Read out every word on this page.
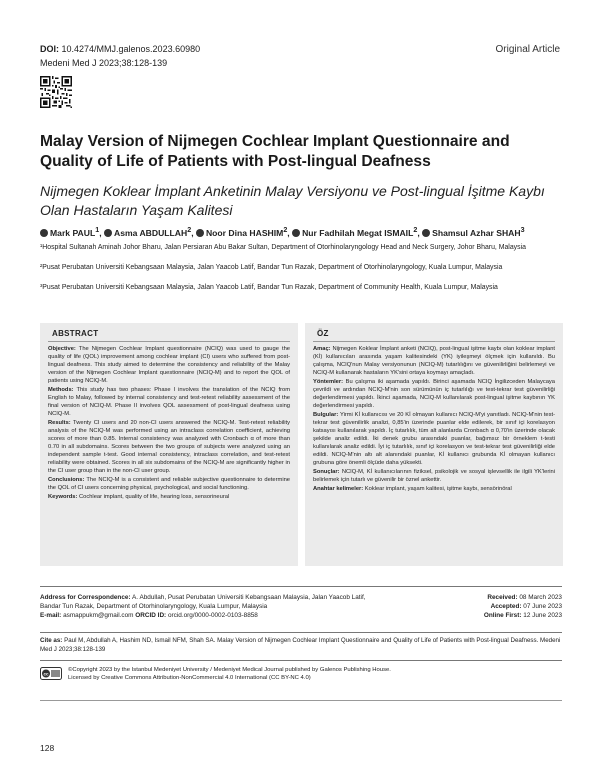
DOI: 10.4274/MMJ.galenos.2023.60980
Medeni Med J 2023;38:128-139
Original Article
Malay Version of Nijmegen Cochlear Implant Questionnaire and Quality of Life of Patients with Post-lingual Deafness
Nijmegen Koklear İmplant Anketinin Malay Versiyonu ve Post-lingual İşitme Kaybı Olan Hastaların Yaşam Kalitesi
Mark PAUL$^1$, Asma ABDULLAH$^2$, Noor Dina HASHIM$^2$, Nur Fadhilah Megat ISMAIL$^2$, Shamsul Azhar SHAH$^3$
¹Hospital Sultanah Aminah Johor Bharu, Jalan Persiaran Abu Bakar Sultan, Department of Otorhinolaryngology Head and Neck Surgery, Johor Bharu, Malaysia
²Pusat Perubatan Universiti Kebangsaan Malaysia, Jalan Yaacob Latif, Bandar Tun Razak, Department of Otorhinolaryngology, Kuala Lumpur, Malaysia
³Pusat Perubatan Universiti Kebangsaan Malaysia, Jalan Yaacob Latif, Bandar Tun Razak, Department of Community Health, Kuala Lumpur, Malaysia
ABSTRACT

Objective: The Nijmegen Cochlear Implant questionnaire (NCIQ) was used to gauge the quality of life (QOL) improvement among cochlear implant (CI) users who suffered from post-lingual deafness. This study aimed to determine the consistency and reliability of the Malay version of the Nijmegen Cochlear Implant questionnaire (NCIQ-M) and to report the QOL of patients using NCIQ-M.

Methods: This study has two phases: Phase I involves the translation of the NCIQ from English to Malay, followed by internal consistency and test-retest reliability assessment of the final version of NCIQ-M. Phase II involves QOL assessment of post-lingual deafness using NCIQ-M.

Results: Twenty CI users and 20 non-CI users answered the NCIQ-M. Test-retest reliability analysis of the NCIQ-M was performed using an intraclass correlation coefficient, achieving scores of more than 0.85. Internal consistency was analyzed with Cronbach α of more than 0.70 in all subdomains. Scores between the two groups of subjects were analyzed using an independent sample t-test. Good internal consistency, intraclass correlation, and test-retest reliability were obtained. Scores in all six subdomains of the NCIQ-M are significantly higher in the CI user group than in the non-CI user group.

Conclusions: The NCIQ-M is a consistent and reliable subjective questionnaire to determine the QOL of CI users concerning physical, psychological, and social functioning.

Keywords: Cochlear implant, quality of life, hearing loss, sensorineural

ÖZ

Amaç: Nijmegen Koklear İmplant anketi (NCIQ), post-lingual işitme kaybı olan koklear implant (Kİ) kullanıcıları arasında yaşam kalitesindeki (YK) iyileşmeyi ölçmek için kullanıldı. Bu çalışma, NCIQ'nun Malay versiyonunun (NCIQ-M) tutarlılığını ve güvenilirliğini belirlemeyi ve NCIQ-M kullanarak hastaların YK'sini ortaya koymayı amaçladı.

Yöntemler: Bu çalışma iki aşamada yapıldı. Birinci aşamada NCIQ İngilizceden Malaycaya çevrildi ve ardından NCIQ-M'nin son sürümünün iç tutarlılığı ve test-tekrar test güvenilirliği değerlendirmesi yapıldı. İkinci aşamada, NCIQ-M kullanılarak post-lingual işitme kaybının YK değerlendirmesi yapıldı.

Bulgular: Yirmi Kİ kullanıcısı ve 20 Kİ olmayan kullanıcı NCIQ-M'yi yanıtladı. NCIQ-M'nin test-tekrar test güvenilirlik analizi, 0,85'in üzerinde puanlar elde edilerek, bir sınıf içi korelasyon katsayısı kullanılarak yapıldı. İç tutarlılık, tüm alt alanlarda Cronbach α 0,70'in üzerinde olacak şekilde analiz edildi. İki denek grubu arasındaki puanlar, bağımsız bir örneklem t-testi kullanılarak analiz edildi. İyi iç tutarlılık, sınıf içi korelasyon ve test-tekrar test güvenilirliği elde edildi. NCIQ-M'nin altı alt alanındaki puanlar, Kİ kullanıcı grubunda Kİ olmayan kullanıcı grubuna göre önemli ölçüde daha yüksekti.

Sonuçlar: NCIQ-M, Kİ kullanıcılarının fiziksel, psikolojik ve sosyal işlevsellik ile ilgili YK'lerini belirlemek için tutarlı ve güvenilir bir öznel ankettir.

Anahtar kelimeler: Koklear implant, yaşam kalitesi, işitme kaybı, sensörinöral

Address for Correspondence: A. Abdullah, Pusat Perubatan Universiti Kebangsaan Malaysia, Jalan Yaacob Latif, Bandar Tun Razak, Department of Otorhinolaryngology, Kuala Lumpur, Malaysia
E-mail: asmappukm@gmail.com ORCID ID: orcid.org/0000-0002-0103-8858
Received: 08 March 2023
Accepted: 07 June 2023
Online First: 12 June 2023
Cite as: Paul M, Abdullah A, Hashim ND, Ismail NFM, Shah SA. Malay Version of Nijmegen Cochlear Implant Questionnaire and Quality of Life of Patients with Post-lingual Deafness. Medeni Med J 2023;38:128-139
cc
©Copyright 2023 by the Istanbul Medeniyet University / Medeniyet Medical Journal published by Galenos Publishing House.
Licensed by Creative Commons Attribution-NonCommercial 4.0 International (CC BY-NC 4.0)
128
